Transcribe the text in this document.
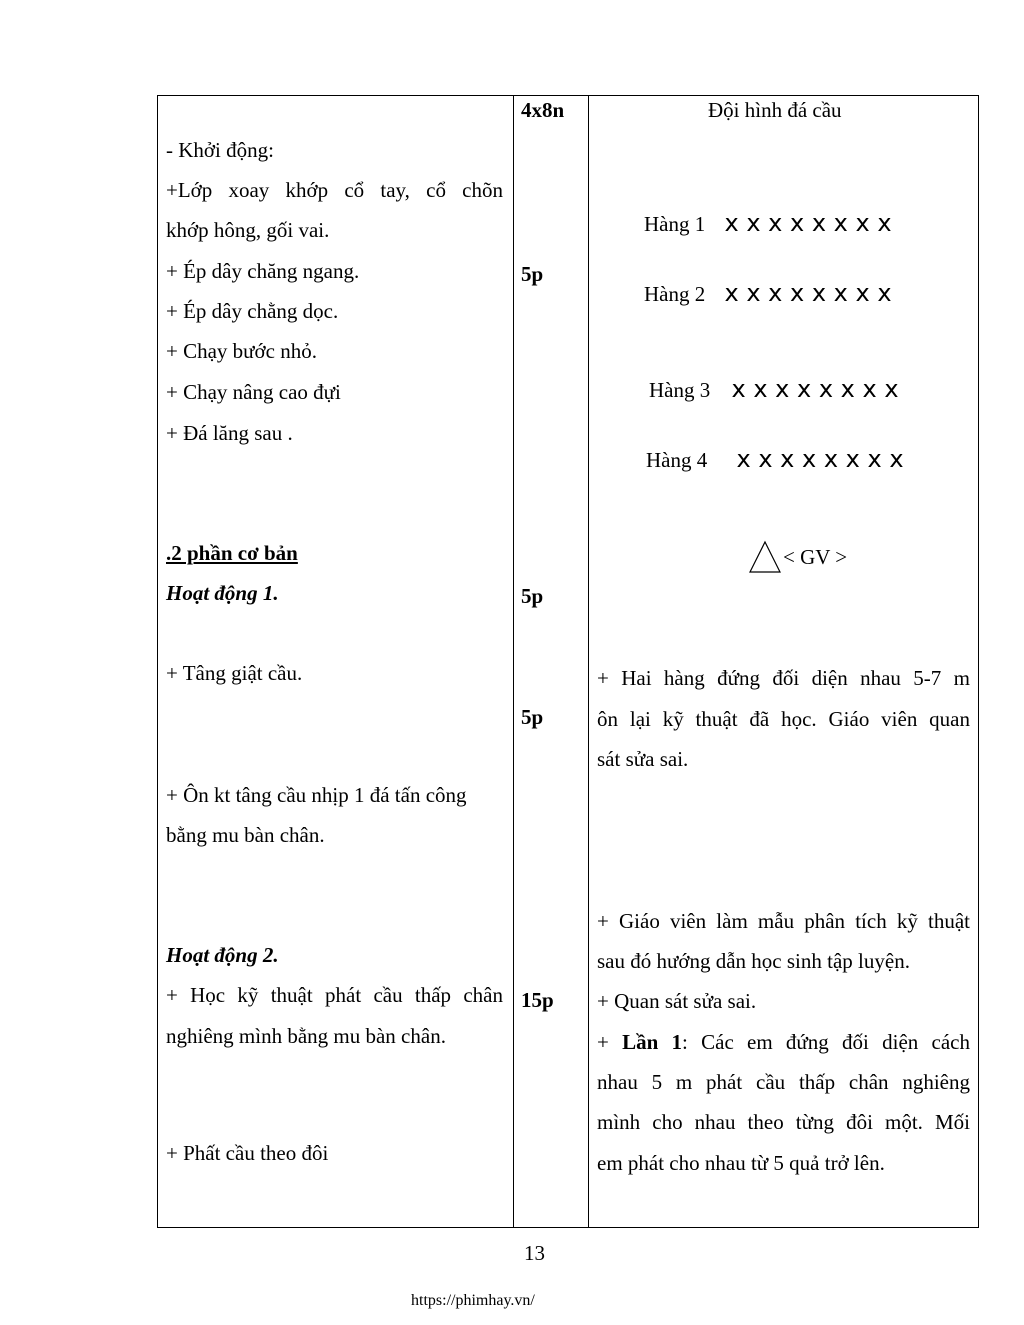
- Khởi động:
+Lớp xoay khớp cổ tay, cổ chõn
khớp hông, gối vai.
+ Ép dây chăng ngang.
+ Ép dây chằng dọc.
+ Chạy bước nhỏ.
+ Chạy nâng cao đựi
+ Đá lăng sau .
.2 phần cơ bản
Hoạt động 1.
+ Tâng giật cầu.
+ Ôn kt tâng cầu nhịp 1 đá tấn công
bằng mu bàn chân.
Hoạt động 2.
+ Học kỹ thuật phát cầu thấp chân
nghiêng mình bằng mu bàn chân.
+ Phất cầu theo đôi
4x8n
5p
5p
5p
15p
Đội hình đá cầu
Hàng 1 x x x x x x x x
Hàng 2 x x x x x x x x
Hàng 3 x x x x x x x x
Hàng 4 x x x x x x x x
< GV >
+ Hai hàng đứng đối diện nhau 5-7 m
ôn lại kỹ thuật đã học. Giáo viên quan
sát sửa sai.
+ Giáo viên làm mẫu phân tích kỹ thuật
sau đó hướng dẫn học sinh tập luyện.
+ Quan sát sửa sai.
+ Lần 1: Các em đứng đối diện cách
nhau 5 m phát cầu thấp chân nghiêng
mình cho nhau theo từng đôi một. Mối
em phát cho nhau từ 5 quả trở lên.
13
https://phimhay.vn/
